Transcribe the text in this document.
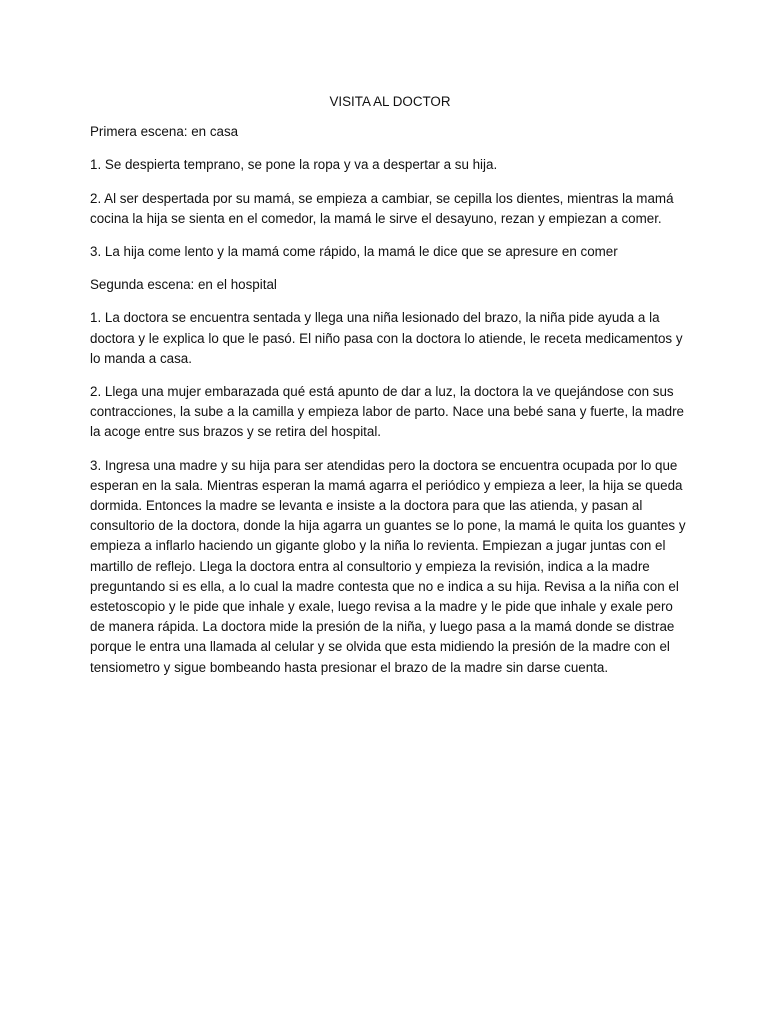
VISITA AL DOCTOR
Primera escena: en casa
1. Se despierta temprano, se pone la ropa y va a despertar a su hija.
2. Al ser despertada por su mamá, se empieza a cambiar, se cepilla los dientes, mientras la mamá cocina la hija se sienta en el comedor, la mamá le sirve el desayuno, rezan y empiezan a comer.
3. La hija come lento y la mamá come rápido, la mamá le dice que se apresure en comer
Segunda escena: en el hospital
1. La doctora se encuentra sentada y llega una niña lesionado del brazo, la niña pide ayuda a la doctora y le explica lo que le pasó. El niño pasa con la doctora lo atiende, le receta medicamentos y lo manda a casa.
2. Llega una mujer embarazada qué está apunto de dar a luz, la doctora la ve quejándose con sus contracciones, la sube a la camilla y empieza labor de parto. Nace una bebé sana y fuerte, la madre la acoge entre sus brazos y se retira del hospital.
3. Ingresa una madre y su hija para ser atendidas pero la doctora se encuentra ocupada por lo que esperan en la sala. Mientras esperan la mamá agarra el periódico y empieza a leer, la hija se queda dormida. Entonces la madre se levanta e insiste a la doctora para que las atienda, y pasan al consultorio de la doctora, donde la hija agarra un guantes se lo pone, la mamá le quita los guantes y empieza a inflarlo haciendo un gigante globo y la niña lo revienta. Empiezan a jugar juntas con el martillo de reflejo. Llega la doctora entra al consultorio y empieza la revisión, indica a la madre preguntando si es ella, a lo cual la madre contesta que no e indica a su hija. Revisa a la niña con el estetoscopio y le pide que inhale y exale, luego revisa a la madre y le pide que inhale y exale pero de manera rápida. La doctora mide la presión de la niña, y luego pasa a la mamá donde se distrae porque le entra una llamada al celular y se olvida que esta midiendo la presión de la madre con el tensiometro y sigue bombeando hasta presionar el brazo de la madre sin darse cuenta.
